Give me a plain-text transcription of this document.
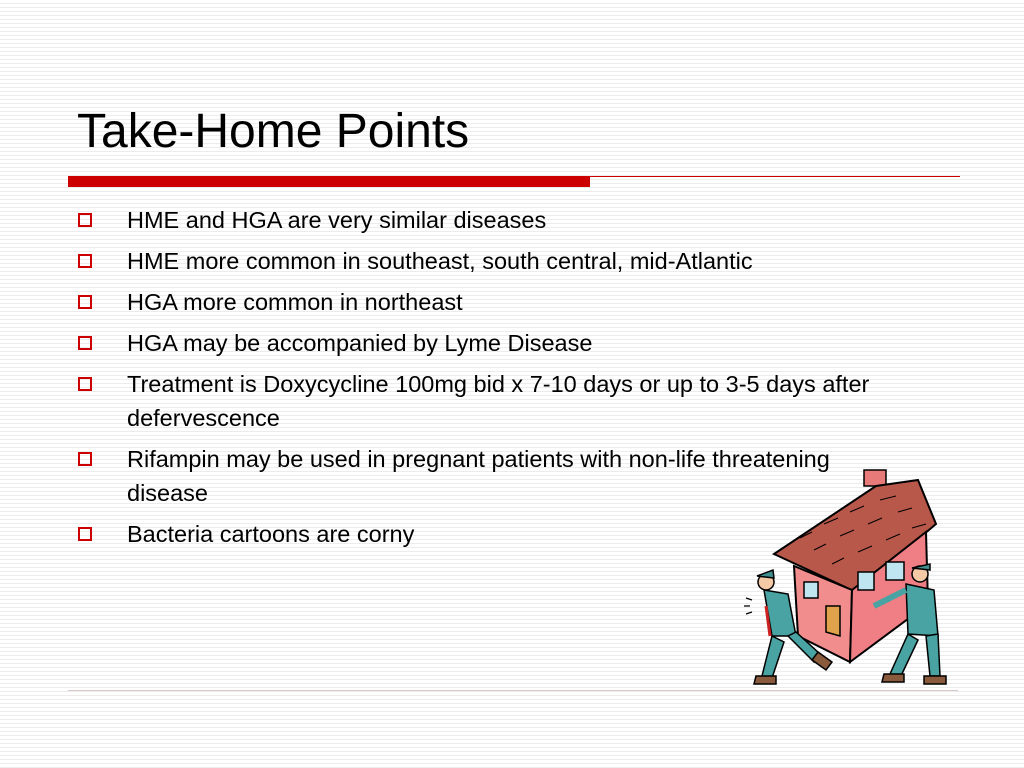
Take-Home Points
HME and HGA are very similar diseases
HME more common in southeast, south central, mid-Atlantic
HGA more common in northeast
HGA may be accompanied by Lyme Disease
Treatment is Doxycycline 100mg bid x 7-10 days or up to 3-5 days after defervescence
Rifampin may be used in pregnant patients with non-life threatening disease
Bacteria cartoons are corny
